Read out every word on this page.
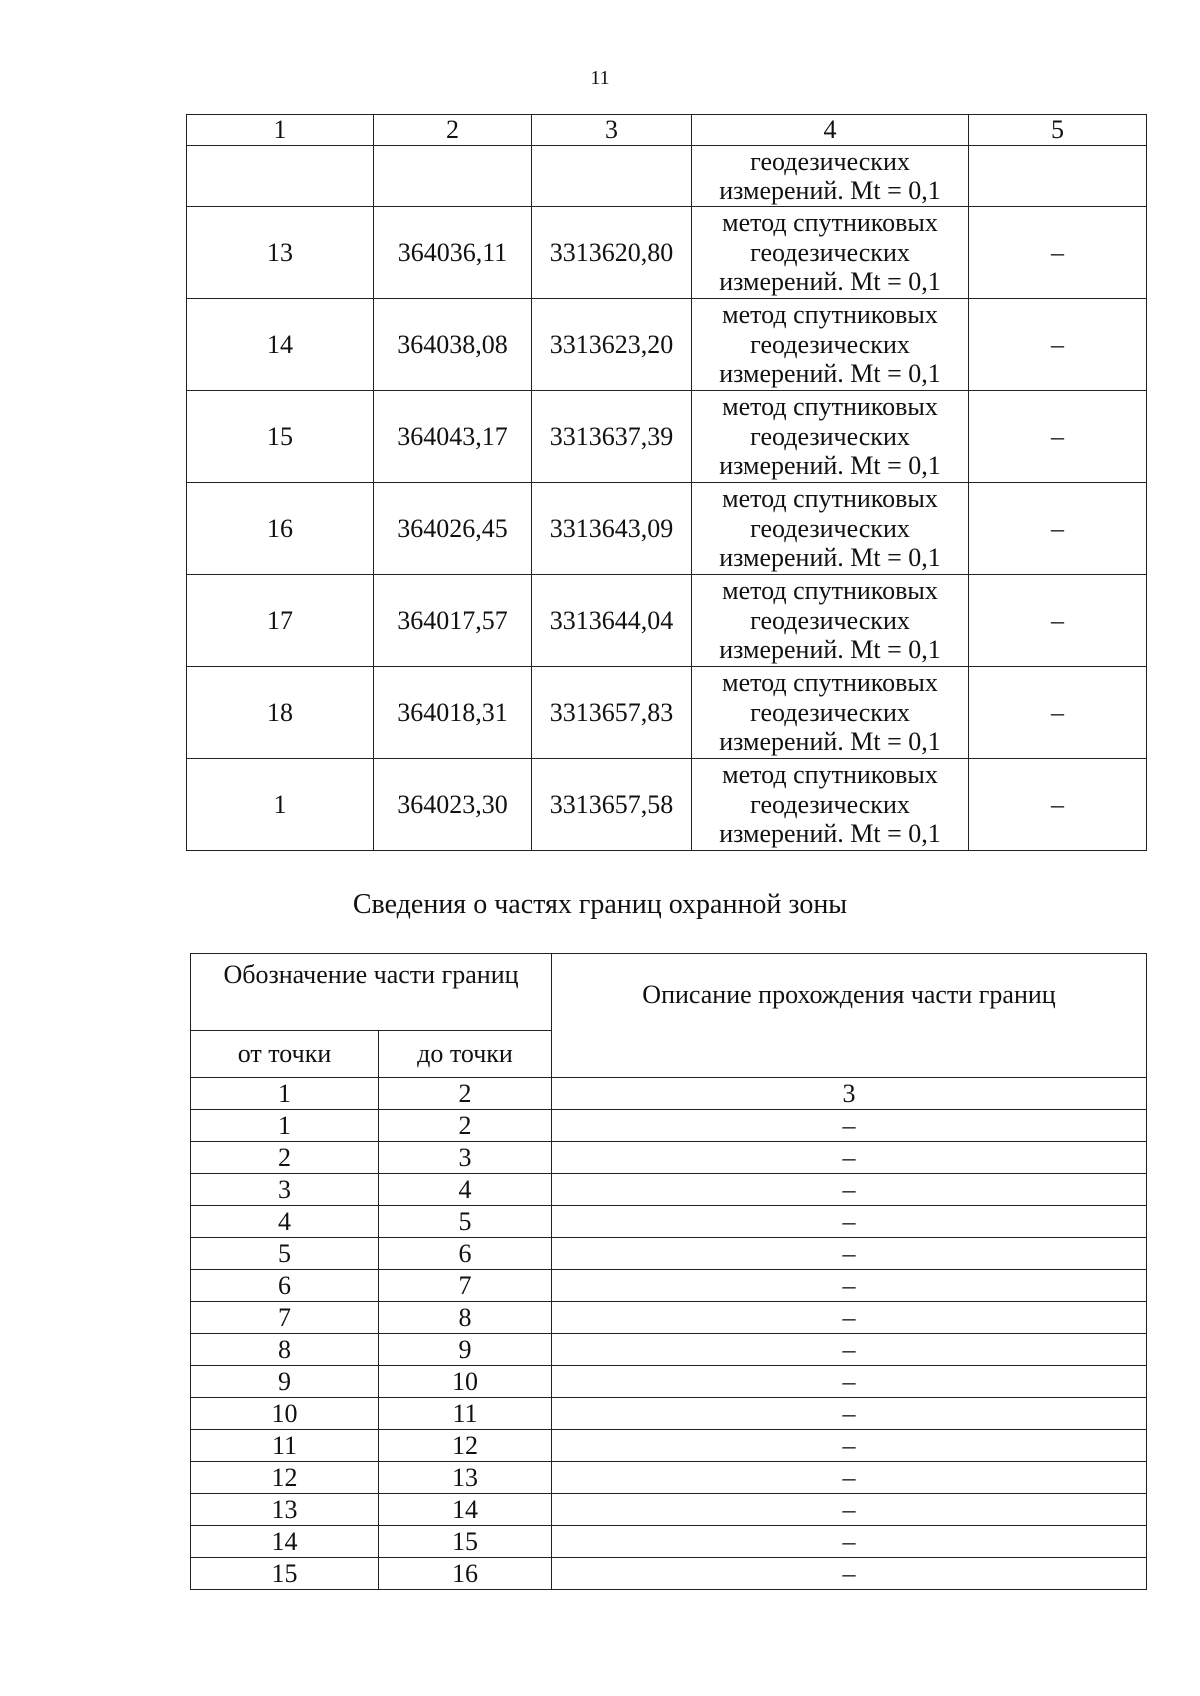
11
1	2	3	4	5

			геодезических
измерений. Mt = 0,1	

13	364036,11	3313620,80	метод спутниковых
геодезических
измерений. Mt = 0,1	–
14	364038,08	3313623,20	метод спутниковых
геодезических
измерений. Mt = 0,1	–
15	364043,17	3313637,39	метод спутниковых
геодезических
измерений. Mt = 0,1	–
16	364026,45	3313643,09	метод спутниковых
геодезических
измерений. Mt = 0,1	–
17	364017,57	3313644,04	метод спутниковых
геодезических
измерений. Mt = 0,1	–
18	364018,31	3313657,83	метод спутниковых
геодезических
измерений. Mt = 0,1	–
1	364023,30	3313657,58	метод спутниковых
геодезических
измерений. Mt = 0,1	–
Сведения о частях границ охранной зоны
Обозначение части границ		Описание прохождения части границ
от точки	до точки	
1	2	3
1	2	–
2	3	–
3	4	–
4	5	–
5	6	–
6	7	–
7	8	–
8	9	–
9	10	–
10	11	–
11	12	–
12	13	–
13	14	–
14	15	–
15	16	–
